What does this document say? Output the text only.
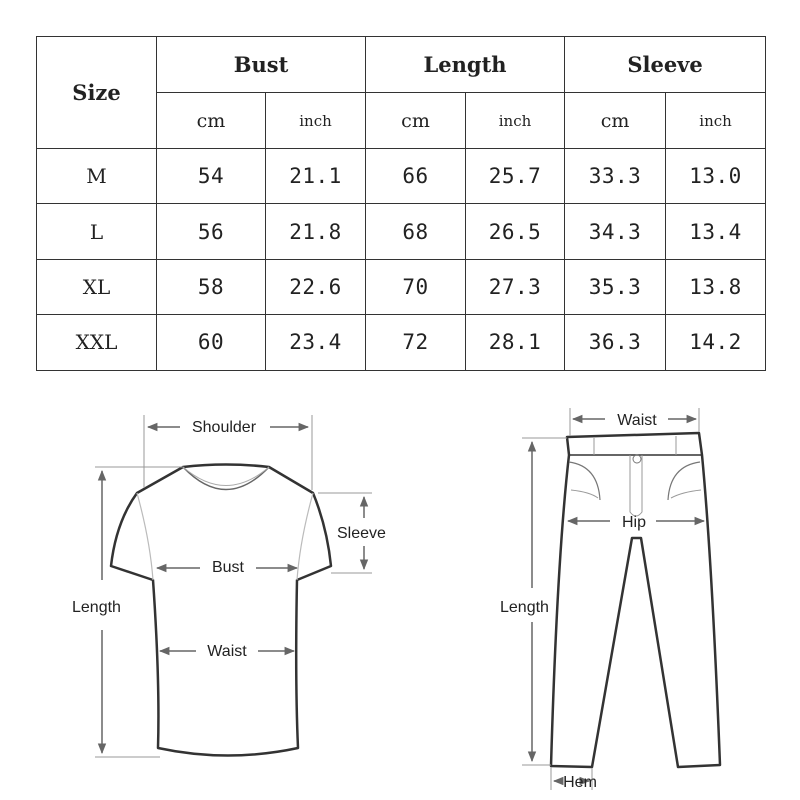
Size	Bust		Length		Sleeve	
	cm	inch	cm	inch	cm	inch
M	54	21.1	66	25.7	33.3	13.0
L	56	21.8	68	26.5	34.3	13.4
XL	58	22.6	70	27.3	35.3	13.8
XXL	60	23.4	72	28.1	36.3	14.2
Shoulder
Sleeve
Bust
Waist
Length
Waist
Hip
Length
Hem
